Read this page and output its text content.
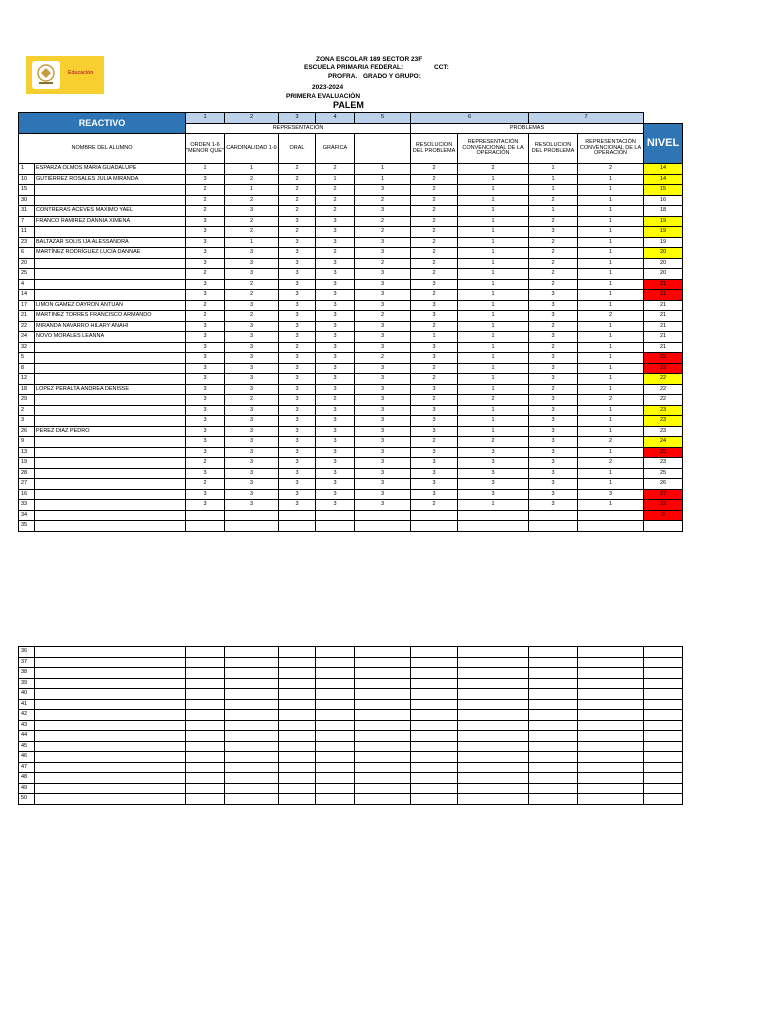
Educación
ZONA ESCOLAR 189 SECTOR 23F
ESCUELA PRIMARIA FEDERAL:	CCT:
PROFRA. GRADO Y GRUPO:
2023-2024
PRIMERA EVALUACIÓN
PALEM
REACTIVO		1	2	3	4	5	6		7		
		REPRESENTACIÓN					PROBLEMAS				NIVEL
NOMBRE DEL ALUMNO		ORDEN 1-6 "MENOR QUE"	CARDINALIDAD 1-9	ORAL	GRÁFICA		RESOLUCION DEL PROBLEMA	REPRESENTACIÓN CONVENCIONAL DE LA OPERACIÓN	RESOLUCION DEL PROBLEMA	REPRESENTACIÓN CONVENCIONAL DE LA OPERACIÓN	
1	ESPARZA OLMOS MARIA GUADALUPE	1	1	2	2	1	2	2	1	2	14
10	GUTIÉRREZ ROSALES JULIA MIRANDA	3	2	2	1	1	2	1	1	1	14
15		2	1	2	2	3	2	1	1	1	15
30		2	2	2	2	2	2	1	2	1	16
31	CONTRERAS ACEVES MAXIMO YAEL	2	3	2	2	3	2	1	1	1	18
7	FRANCO RAMIREZ DANNIA XIMENA	3	2	3	3	2	2	1	2	1	19
11		3	2	2	3	2	2	1	3	1	19
23	BALTAZAR SOLIS IJA ALESSANDRA	3	1	3	3	3	2	1	2	1	19
6	MARTÍNEZ RODRÍGUEZ LUCÍA DANNAE	3	3	3	2	3	2	1	2	1	20
20		3	3	3	3	2	2	1	2	1	20
25		2	3	3	3	3	2	1	2	1	20
4		3	2	3	3	3	3	1	2	1	21
14		3	2	3	3	3	2	1	3	1	21
17	LIMON GAMEZ DAYRON ANTUAN	2	3	3	3	3	3	1	3	1	21
21	MARTINEZ TORRES FRANCISCO ARMANDO	2	2	3	3	2	3	1	3	2	21
22	MIRANDA NAVARRO HILARY ANAHI	3	3	3	3	3	2	1	2	1	21
24	NOVO MORALES LEANNA	3	3	3	3	3	1	1	3	1	21
32		3	3	2	3	3	3	1	2	1	21
5		3	3	3	3	2	3	1	3	1	22
8		3	3	3	3	3	2	1	3	1	22
12		3	3	3	3	3	2	1	3	1	22
18	LOPEZ PERALTA ANDREA DENISSE	3	3	3	3	3	3	1	2	1	22
29		3	2	3	2	3	2	2	3	2	22
2		3	3	3	3	3	3	1	3	1	23
3		3	3	3	3	3	3	1	3	1	23
26	PEREZ DIAZ PEDRO	3	3	3	3	3	3	1	3	1	23
9		3	3	3	3	3	2	2	3	2	24
13		3	3	3	3	3	3	3	3	1	25
19		2	3	3	3	3	3	3	3	2	23
28		3	3	3	3	3	3	3	3	1	25
27		2	3	3	3	3	3	3	3	1	26
16		3	3	3	3	3	3	3	3	3	27
33		3	3	3	3	3	2	1	3	1	22
34											0
35											
36											
37											
38											
39											
40											
41											
42											
43											
44											
45											
46											
47											
48											
49											
50											
